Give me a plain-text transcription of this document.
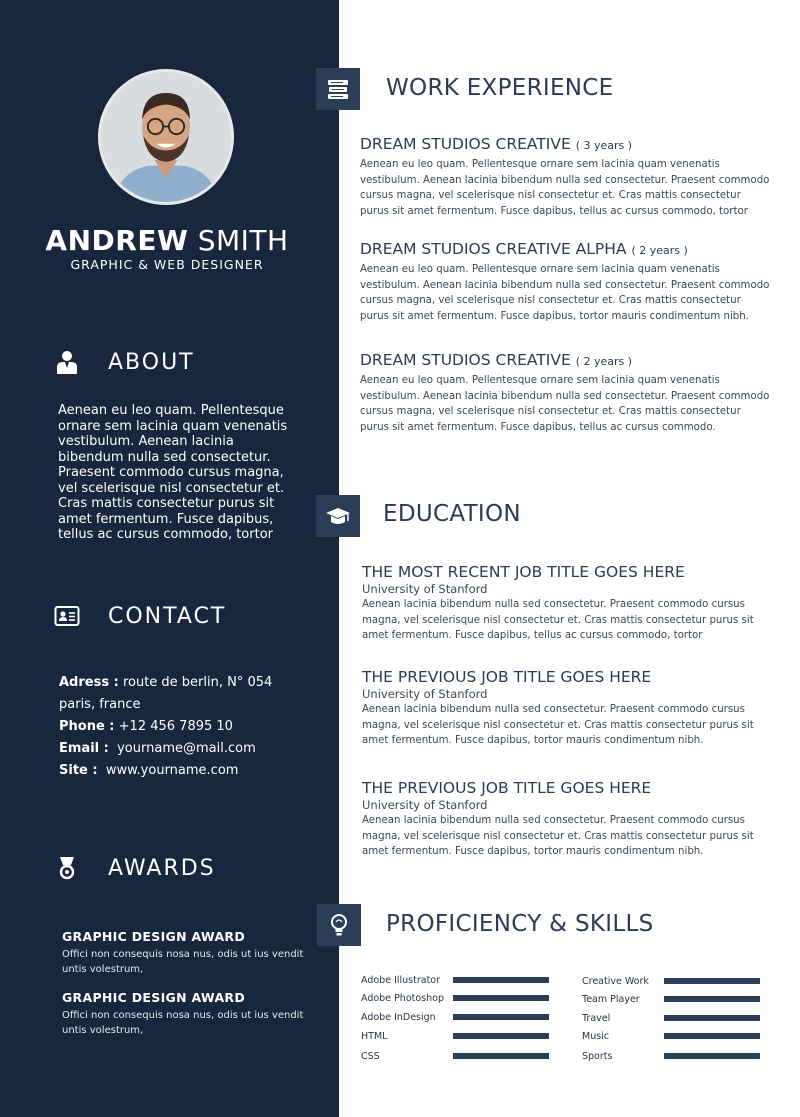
ANDREW SMITH
GRAPHIC & WEB DESIGNER
ABOUT
Aenean eu leo quam. Pellentesque ornare sem lacinia quam venenatis vestibulum. Aenean lacinia bibendum nulla sed consectetur. Praesent commodo cursus magna, vel scelerisque nisl consectetur et. Cras mattis consectetur purus sit amet fermentum. Fusce dapibus, tellus ac cursus commodo, tortor
CONTACT
Adress : route de berlin, N° 054
paris, france
Phone : +12 456 7895 10
Email : yourname@mail.com
Site : www.yourname.com
AWARDS
GRAPHIC DESIGN AWARD
Offici non consequis nosa nus, odis ut ius vendit untis volestrum,
GRAPHIC DESIGN AWARD
Offici non consequis nosa nus, odis ut ius vendit untis volestrum,
WORK EXPERIENCE
DREAM STUDIOS CREATIVE ( 3 years )
Aenean eu leo quam. Pellentesque ornare sem lacinia quam venenatis vestibulum. Aenean lacinia bibendum nulla sed consectetur. Praesent commodo cursus magna, vel scelerisque nisl consectetur et. Cras mattis consectetur purus sit amet fermentum. Fusce dapibus, tellus ac cursus commodo, tortor
DREAM STUDIOS CREATIVE ALPHA ( 2 years )
Aenean eu leo quam. Pellentesque ornare sem lacinia quam venenatis vestibulum. Aenean lacinia bibendum nulla sed consectetur. Praesent commodo cursus magna, vel scelerisque nisl consectetur et. Cras mattis consectetur purus sit amet fermentum. Fusce dapibus, tortor mauris condimentum nibh.
DREAM STUDIOS CREATIVE ( 2 years )
Aenean eu leo quam. Pellentesque ornare sem lacinia quam venenatis vestibulum. Aenean lacinia bibendum nulla sed consectetur. Praesent commodo cursus magna, vel scelerisque nisl consectetur et. Cras mattis consectetur purus sit amet fermentum. Fusce dapibus, tellus ac cursus commodo.
EDUCATION
THE MOST RECENT JOB TITLE GOES HERE
University of Stanford
Aenean lacinia bibendum nulla sed consectetur. Praesent commodo cursus magna, vel scelerisque nisl consectetur et. Cras mattis consectetur purus sit amet fermentum. Fusce dapibus, tellus ac cursus commodo, tortor
THE PREVIOUS JOB TITLE GOES HERE
University of Stanford
Aenean lacinia bibendum nulla sed consectetur. Praesent commodo cursus magna, vel scelerisque nisl consectetur et. Cras mattis consectetur purus sit amet fermentum. Fusce dapibus, tortor mauris condimentum nibh.
THE PREVIOUS JOB TITLE GOES HERE
University of Stanford
Aenean lacinia bibendum nulla sed consectetur. Praesent commodo cursus magna, vel scelerisque nisl consectetur et. Cras mattis consectetur purus sit amet fermentum. Fusce dapibus, tortor mauris condimentum nibh.
PROFICIENCY & SKILLS
Adobe Illustrator
Adobe Photoshop
Adobe InDesign
HTML
CSS
Creative Work
Team Player
Travel
Music
Sports
